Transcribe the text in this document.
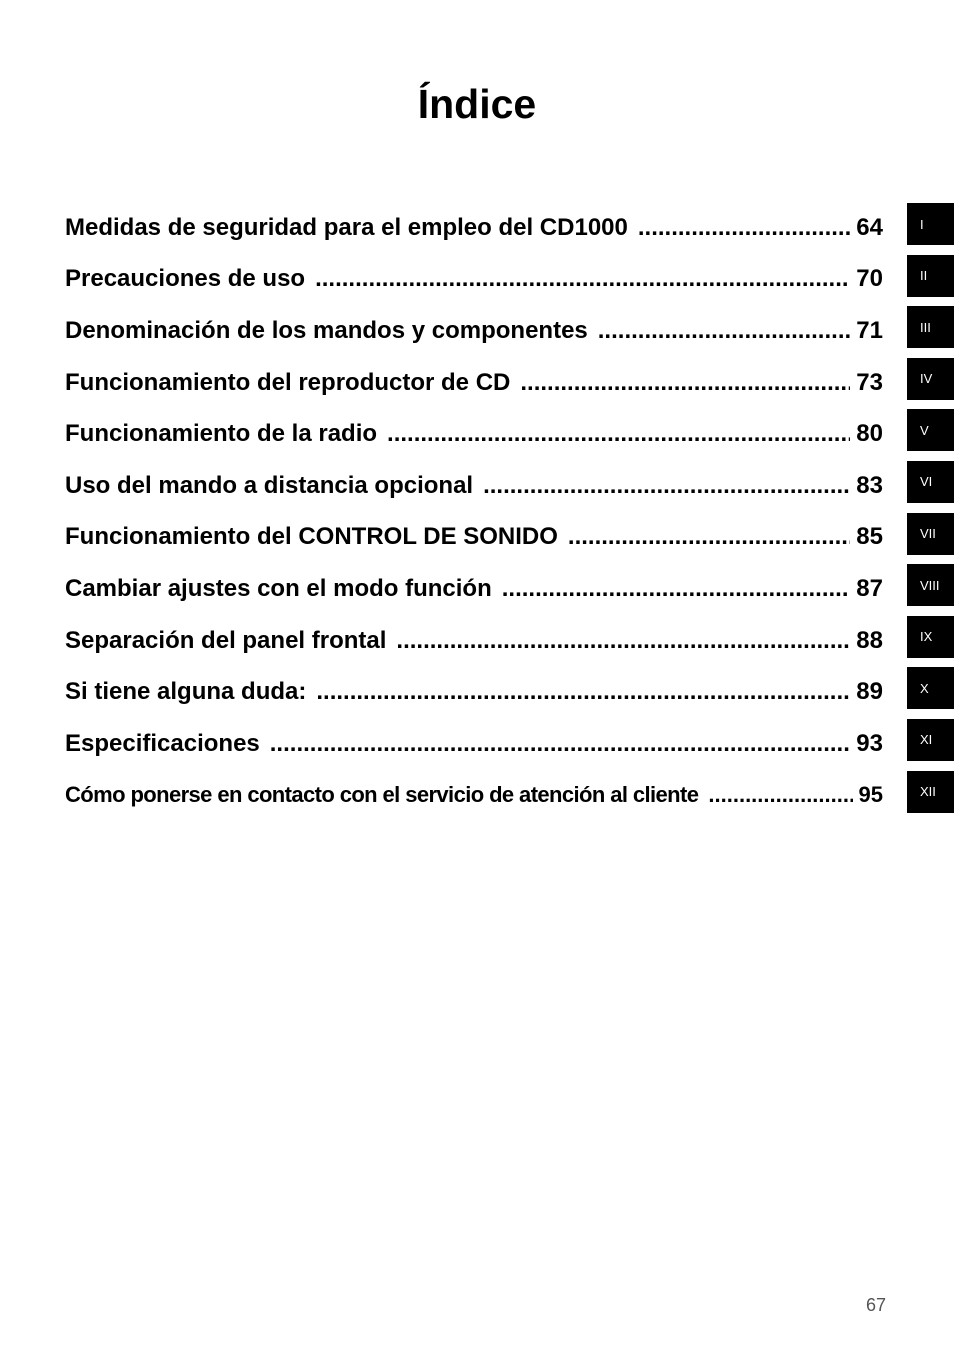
Índice
Medidas de seguridad para el empleo del CD1000 .....	64
Precauciones de uso .....	70
Denominación de los mandos y componentes .....	71
Funcionamiento del reproductor de CD .....	73
Funcionamiento de la radio .....	80
Uso del mando a distancia opcional .....	83
Funcionamiento del CONTROL DE SONIDO .....	85
Cambiar ajustes con el modo función .....	87
Separación del panel frontal .....	88
Si tiene alguna duda: .....	89
Especificaciones .....	93
Cómo ponerse en contacto con el servicio de atención al cliente .....	95
I
II
III
IV
V
VI
VII
VIII
IX
X
XI
XII
67
